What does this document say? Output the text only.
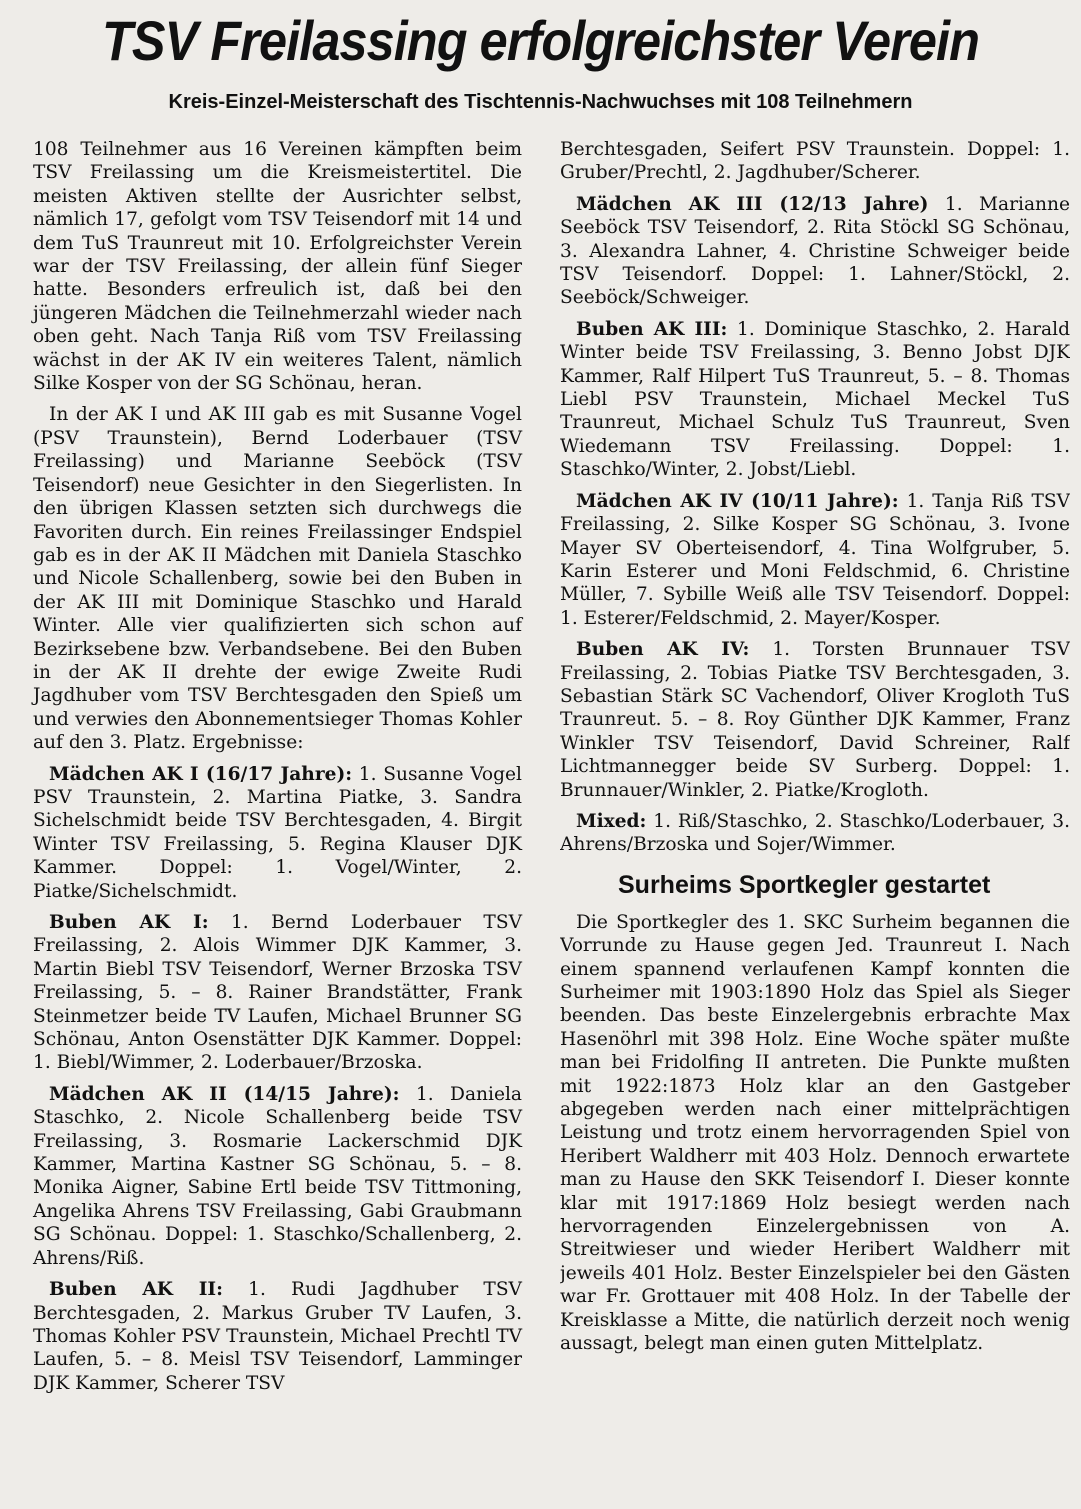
TSV Freilassing erfolgreichster Verein
Kreis-Einzel-Meisterschaft des Tischtennis-Nachwuchses mit 108 Teilnehmern

108 Teilnehmer aus 16 Vereinen kämpften beim TSV Freilassing um die Kreismeistertitel. Die meisten Aktiven stellte der Ausrichter selbst, nämlich 17, gefolgt vom TSV Teisendorf mit 14 und dem TuS Traunreut mit 10. Erfolgreichster Verein war der TSV Freilassing, der allein fünf Sieger hatte. Besonders erfreulich ist, daß bei den jüngeren Mädchen die Teilnehmerzahl wieder nach oben geht. Nach Tanja Riß vom TSV Freilassing wächst in der AK IV ein weiteres Talent, nämlich Silke Kosper von der SG Schönau, heran.

In der AK I und AK III gab es mit Susanne Vogel (PSV Traunstein), Bernd Loderbauer (TSV Freilassing) und Marianne Seeböck (TSV Teisendorf) neue Gesichter in den Siegerlisten. In den übrigen Klassen setzten sich durchwegs die Favoriten durch. Ein reines Freilassinger Endspiel gab es in der AK II Mädchen mit Daniela Staschko und Nicole Schallenberg, sowie bei den Buben in der AK III mit Dominique Staschko und Harald Winter. Alle vier qualifizierten sich schon auf Bezirksebene bzw. Verbandsebene. Bei den Buben in der AK II drehte der ewige Zweite Rudi Jagdhuber vom TSV Berchtesgaden den Spieß um und verwies den Abonnementsieger Thomas Kohler auf den 3. Platz. Ergebnisse:

Mädchen AK I (16/17 Jahre): 1. Susanne Vogel PSV Traunstein, 2. Martina Piatke, 3. Sandra Sichelschmidt beide TSV Berchtesgaden, 4. Birgit Winter TSV Freilassing, 5. Regina Klauser DJK Kammer. Doppel: 1. Vogel/Winter, 2. Piatke/Sichelschmidt.

Buben AK I: 1. Bernd Loderbauer TSV Freilassing, 2. Alois Wimmer DJK Kammer, 3. Martin Biebl TSV Teisendorf, Werner Brzoska TSV Freilassing, 5. – 8. Rainer Brandstätter, Frank Steinmetzer beide TV Laufen, Michael Brunner SG Schönau, Anton Osenstätter DJK Kammer. Doppel: 1. Biebl/Wimmer, 2. Loderbauer/Brzoska.

Mädchen AK II (14/15 Jahre): 1. Daniela Staschko, 2. Nicole Schallenberg beide TSV Freilassing, 3. Rosmarie Lackerschmid DJK Kammer, Martina Kastner SG Schönau, 5. – 8. Monika Aigner, Sabine Ertl beide TSV Tittmoning, Angelika Ahrens TSV Freilassing, Gabi Graubmann SG Schönau. Doppel: 1. Staschko/Schallenberg, 2. Ahrens/Riß.

Buben AK II: 1. Rudi Jagdhuber TSV Berchtesgaden, 2. Markus Gruber TV Laufen, 3. Thomas Kohler PSV Traunstein, Michael Prechtl TV Laufen, 5. – 8. Meisl TSV Teisendorf, Lamminger DJK Kammer, Scherer TSV

Berchtesgaden, Seifert PSV Traunstein. Doppel: 1. Gruber/Prechtl, 2. Jagdhuber/Scherer.

Mädchen AK III (12/13 Jahre) 1. Marianne Seeböck TSV Teisendorf, 2. Rita Stöckl SG Schönau, 3. Alexandra Lahner, 4. Christine Schweiger beide TSV Teisendorf. Doppel: 1. Lahner/Stöckl, 2. Seeböck/Schweiger.

Buben AK III: 1. Dominique Staschko, 2. Harald Winter beide TSV Freilassing, 3. Benno Jobst DJK Kammer, Ralf Hilpert TuS Traunreut, 5. – 8. Thomas Liebl PSV Traunstein, Michael Meckel TuS Traunreut, Michael Schulz TuS Traunreut, Sven Wiedemann TSV Freilassing. Doppel: 1. Staschko/Winter, 2. Jobst/Liebl.

Mädchen AK IV (10/11 Jahre): 1. Tanja Riß TSV Freilassing, 2. Silke Kosper SG Schönau, 3. Ivone Mayer SV Oberteisendorf, 4. Tina Wolfgruber, 5. Karin Esterer und Moni Feldschmid, 6. Christine Müller, 7. Sybille Weiß alle TSV Teisendorf. Doppel: 1. Esterer/Feldschmid, 2. Mayer/Kosper.

Buben AK IV: 1. Torsten Brunnauer TSV Freilassing, 2. Tobias Piatke TSV Berchtesgaden, 3. Sebastian Stärk SC Vachendorf, Oliver Krogloth TuS Traunreut. 5. – 8. Roy Günther DJK Kammer, Franz Winkler TSV Teisendorf, David Schreiner, Ralf Lichtmannegger beide SV Surberg. Doppel: 1. Brunnauer/Winkler, 2. Piatke/Krogloth.

Mixed: 1. Riß/Staschko, 2. Staschko/Loderbauer, 3. Ahrens/Brzoska und Sojer/Wimmer.

Surheims Sportkegler gestartet

Die Sportkegler des 1. SKC Surheim begannen die Vorrunde zu Hause gegen Jed. Traunreut I. Nach einem spannend verlaufenen Kampf konnten die Surheimer mit 1903:1890 Holz das Spiel als Sieger beenden. Das beste Einzelergebnis erbrachte Max Hasenöhrl mit 398 Holz. Eine Woche später mußte man bei Fridolfing II antreten. Die Punkte mußten mit 1922:1873 Holz klar an den Gastgeber abgegeben werden nach einer mittelprächtigen Leistung und trotz einem hervorragenden Spiel von Heribert Waldherr mit 403 Holz. Dennoch erwartete man zu Hause den SKK Teisendorf I. Dieser konnte klar mit 1917:1869 Holz besiegt werden nach hervorragenden Einzelergebnissen von A. Streitwieser und wieder Heribert Waldherr mit jeweils 401 Holz. Bester Einzelspieler bei den Gästen war Fr. Grottauer mit 408 Holz. In der Tabelle der Kreisklasse a Mitte, die natürlich derzeit noch wenig aussagt, belegt man einen guten Mittelplatz.
